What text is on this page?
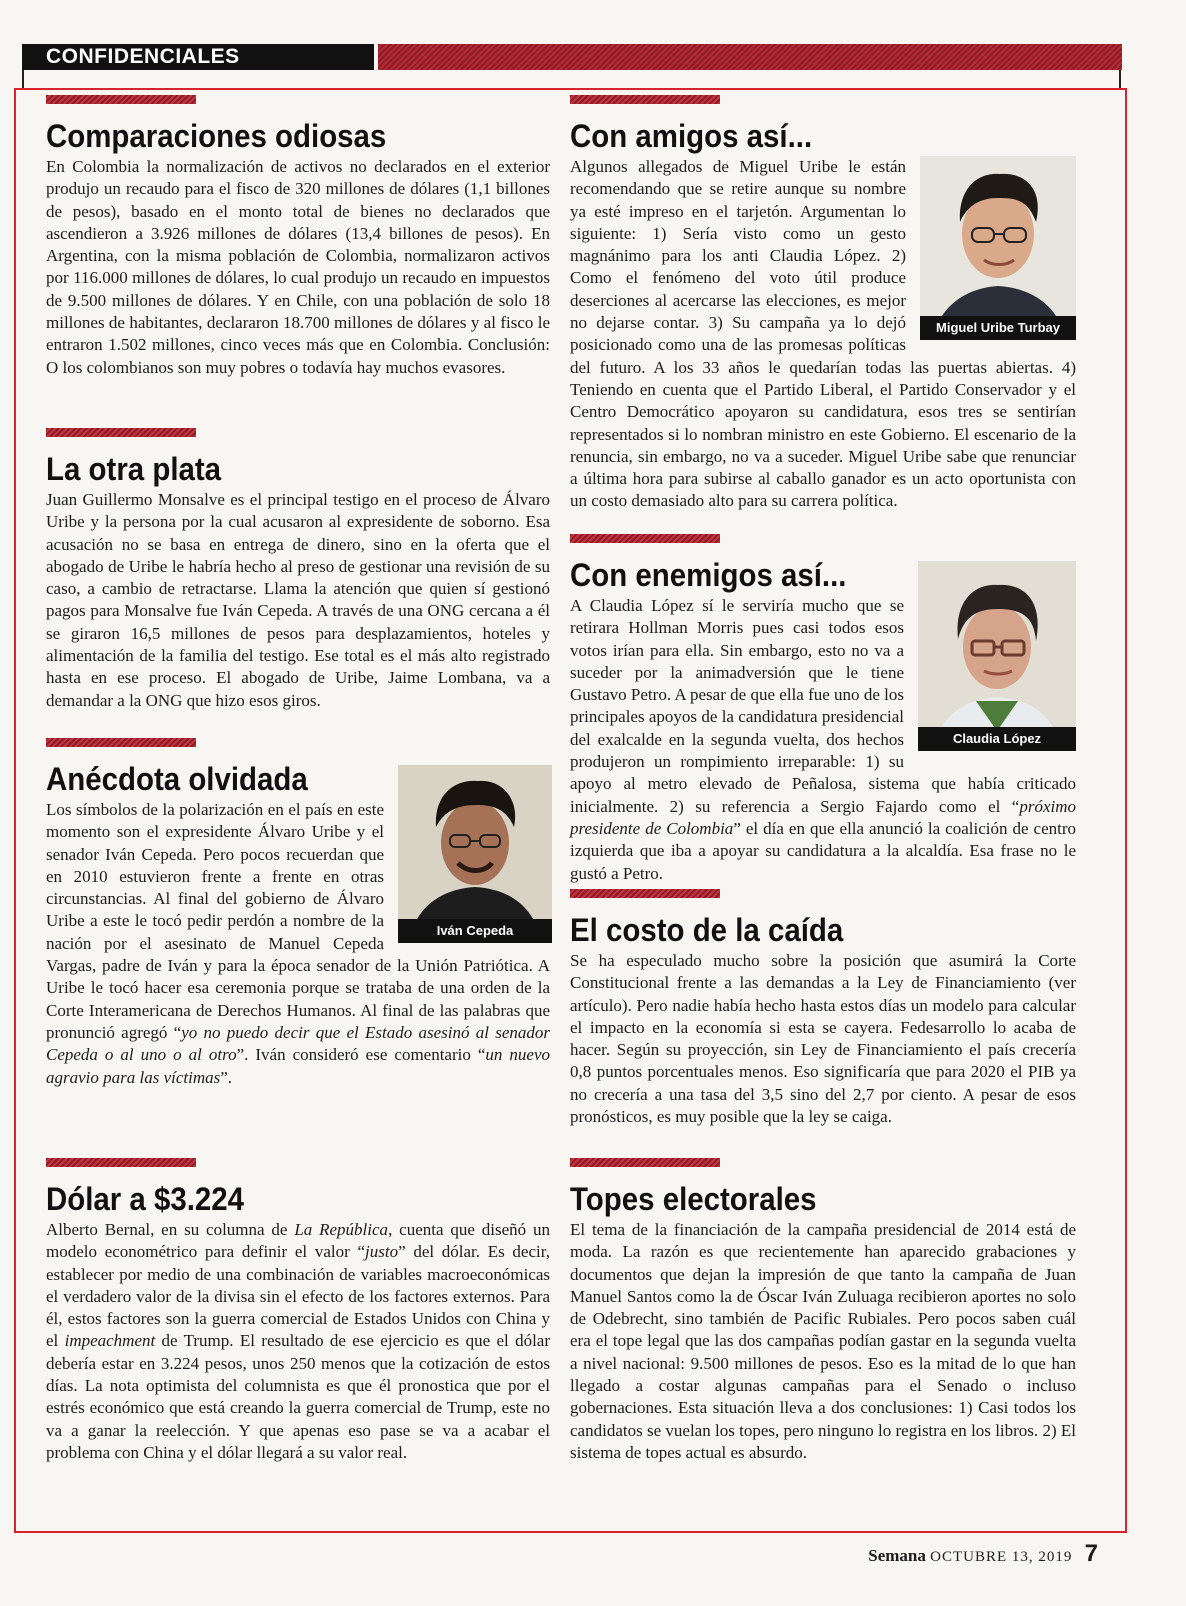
CONFIDENCIALES
Comparaciones odiosas

En Colombia la normalización de activos no declarados en el exterior produjo un recaudo para el fisco de 320 millones de dólares (1,1 billones de pesos), basado en el monto total de bienes no declarados que ascendieron a 3.926 millones de dólares (13,4 billones de pesos). En Argentina, con la misma población de Colombia, normalizaron activos por 116.000 millones de dólares, lo cual produjo un recaudo en impuestos de 9.500 millones de dólares. Y en Chile, con una población de solo 18 millones de habitantes, declararon 18.700 millones de dólares y al fisco le entraron 1.502 millones, cinco veces más que en Colombia. Conclusión: O los colombianos son muy pobres o todavía hay muchos evasores.

La otra plata

Juan Guillermo Monsalve es el principal testigo en el proceso de Álvaro Uribe y la persona por la cual acusaron al expresidente de soborno. Esa acusación no se basa en entrega de dinero, sino en la oferta que el abogado de Uribe le habría hecho al preso de gestionar una revisión de su caso, a cambio de retractarse. Llama la atención que quien sí gestionó pagos para Monsalve fue Iván Cepeda. A través de una ONG cercana a él se giraron 16,5 millones de pesos para desplazamientos, hoteles y alimentación de la familia del testigo. Ese total es el más alto registrado hasta en ese proceso. El abogado de Uribe, Jaime Lombana, va a demandar a la ONG que hizo esos giros.

Iván Cepeda
Anécdota olvidada

Los símbolos de la polarización en el país en este momento son el expresidente Álvaro Uribe y el senador Iván Cepeda. Pero pocos recuerdan que en 2010 estuvieron frente a frente en otras circunstancias. Al final del gobierno de Álvaro Uribe a este le tocó pedir perdón a nombre de la nación por el asesinato de Manuel Cepeda Vargas, padre de Iván y para la época senador de la Unión Patriótica. A Uribe le tocó hacer esa ceremonia porque se trataba de una orden de la Corte Interamericana de Derechos Humanos. Al final de las palabras que pronunció agregó “yo no puedo decir que el Estado asesinó al senador Cepeda o al uno o al otro”. Iván consideró ese comentario “un nuevo agravio para las víctimas”.

Dólar a $3.224

Alberto Bernal, en su columna de La República, cuenta que diseñó un modelo econométrico para definir el valor “justo” del dólar. Es decir, establecer por medio de una combinación de variables macroeconómicas el verdadero valor de la divisa sin el efecto de los factores externos. Para él, estos factores son la guerra comercial de Estados Unidos con China y el impeachment de Trump. El resultado de ese ejercicio es que el dólar debería estar en 3.224 pesos, unos 250 menos que la cotización de estos días. La nota optimista del columnista es que él pronostica que por el estrés económico que está creando la guerra comercial de Trump, este no va a ganar la reelección. Y que apenas eso pase se va a acabar el problema con China y el dólar llegará a su valor real.

Con amigos así...
Miguel Uribe Turbay

Algunos allegados de Miguel Uribe le están recomendando que se retire aunque su nombre ya esté impreso en el tarjetón. Argumentan lo siguiente: 1) Sería visto como un gesto magnánimo para los anti Claudia López. 2) Como el fenómeno del voto útil produce deserciones al acercarse las elecciones, es mejor no dejarse contar. 3) Su campaña ya lo dejó posicionado como una de las promesas políticas del futuro. A los 33 años le quedarían todas las puertas abiertas. 4) Teniendo en cuenta que el Partido Liberal, el Partido Conservador y el Centro Democrático apoyaron su candidatura, esos tres se sentirían representados si lo nombran ministro en este Gobierno. El escenario de la renuncia, sin embargo, no va a suceder. Miguel Uribe sabe que renunciar a última hora para subirse al caballo ganador es un acto oportunista con un costo demasiado alto para su carrera política.

Claudia López
Con enemigos así...

A Claudia López sí le serviría mucho que se retirara Hollman Morris pues casi todos esos votos irían para ella. Sin embargo, esto no va a suceder por la animadversión que le tiene Gustavo Petro. A pesar de que ella fue uno de los principales apoyos de la candidatura presidencial del exalcalde en la segunda vuelta, dos hechos produjeron un rompimiento irreparable: 1) su apoyo al metro elevado de Peñalosa, sistema que había criticado inicialmente. 2) su referencia a Sergio Fajardo como el “próximo presidente de Colombia” el día en que ella anunció la coalición de centro izquierda que iba a apoyar su candidatura a la alcaldía. Esa frase no le gustó a Petro.

El costo de la caída

Se ha especulado mucho sobre la posición que asumirá la Corte Constitucional frente a las demandas a la Ley de Financiamiento (ver artículo). Pero nadie había hecho hasta estos días un modelo para calcular el impacto en la economía si esta se cayera. Fedesarrollo lo acaba de hacer. Según su proyección, sin Ley de Financiamiento el país crecería 0,8 puntos porcentuales menos. Eso significaría que para 2020 el PIB ya no crecería a una tasa del 3,5 sino del 2,7 por ciento. A pesar de esos pronósticos, es muy posible que la ley se caiga.

Topes electorales

El tema de la financiación de la campaña presidencial de 2014 está de moda. La razón es que recientemente han aparecido grabaciones y documentos que dejan la impresión de que tanto la campaña de Juan Manuel Santos como la de Óscar Iván Zuluaga recibieron aportes no solo de Odebrecht, sino también de Pacific Rubiales. Pero pocos saben cuál era el tope legal que las dos campañas podían gastar en la segunda vuelta a nivel nacional: 9.500 millones de pesos. Eso es la mitad de lo que han llegado a costar algunas campañas para el Senado o incluso gobernaciones. Esta situación lleva a dos conclusiones: 1) Casi todos los candidatos se vuelan los topes, pero ninguno lo registra en los libros. 2) El sistema de topes actual es absurdo.

Semana OCTUBRE 13, 2019 7
